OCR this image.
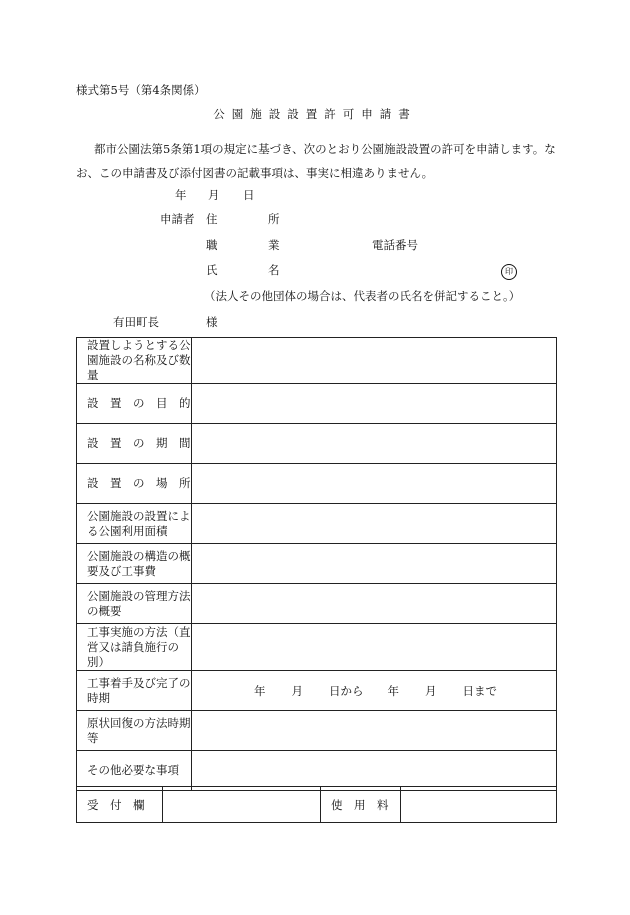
様式第5号（第4条関係）
公園施設設置許可申請書
都市公園法第5条第1項の規定に基づき、次のとおり公園施設設置の許可を申請します。なお、この申請書及び添付図書の記載事項は、事実に相違ありません。
年 月 日
申請者 住	所
職	業	電話番号
氏	名	印
（法人その他団体の場合は、代表者の氏名を併記すること。）
有田町長	様
設置しようとする公園施設の名称及び数量	
設　置　の　目　的	
設　置　の　期　間	
設　置　の　場　所	
公園施設の設置による公園利用面積	
公園施設の構造の概要及び工事費	
公園施設の管理方法の概要	
工事実施の方法（直営又は請負施行の別）	
工事着手及び完了の時期	年 月 日から 年 月 日まで
原状回復の方法時期等	
その他必要な事項	
受　付　欄		使　用　料	
